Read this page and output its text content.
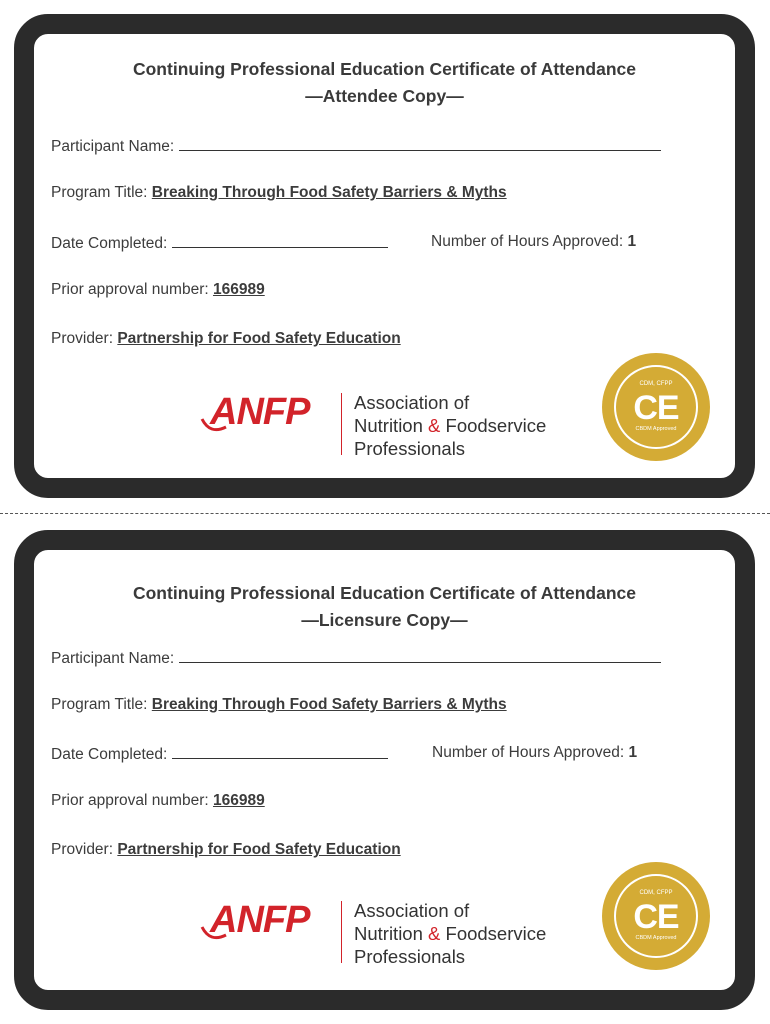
Continuing Professional Education Certificate of Attendance
—Attendee Copy—
Participant Name:
Program Title: Breaking Through Food Safety Barriers & Myths
Date Completed:	Number of Hours Approved: 1
Prior approval number: 166989
Provider: Partnership for Food Safety Education
ANFP Association of
Nutrition & Foodservice
Professionals
CDM, CFPP
CE
CBDM Approved
Continuing Professional Education Certificate of Attendance
—Licensure Copy—
Participant Name:
Program Title: Breaking Through Food Safety Barriers & Myths
Date Completed:	Number of Hours Approved: 1
Prior approval number: 166989
Provider: Partnership for Food Safety Education
ANFP Association of
Nutrition & Foodservice
Professionals
CDM, CFPP
CE
CBDM Approved
